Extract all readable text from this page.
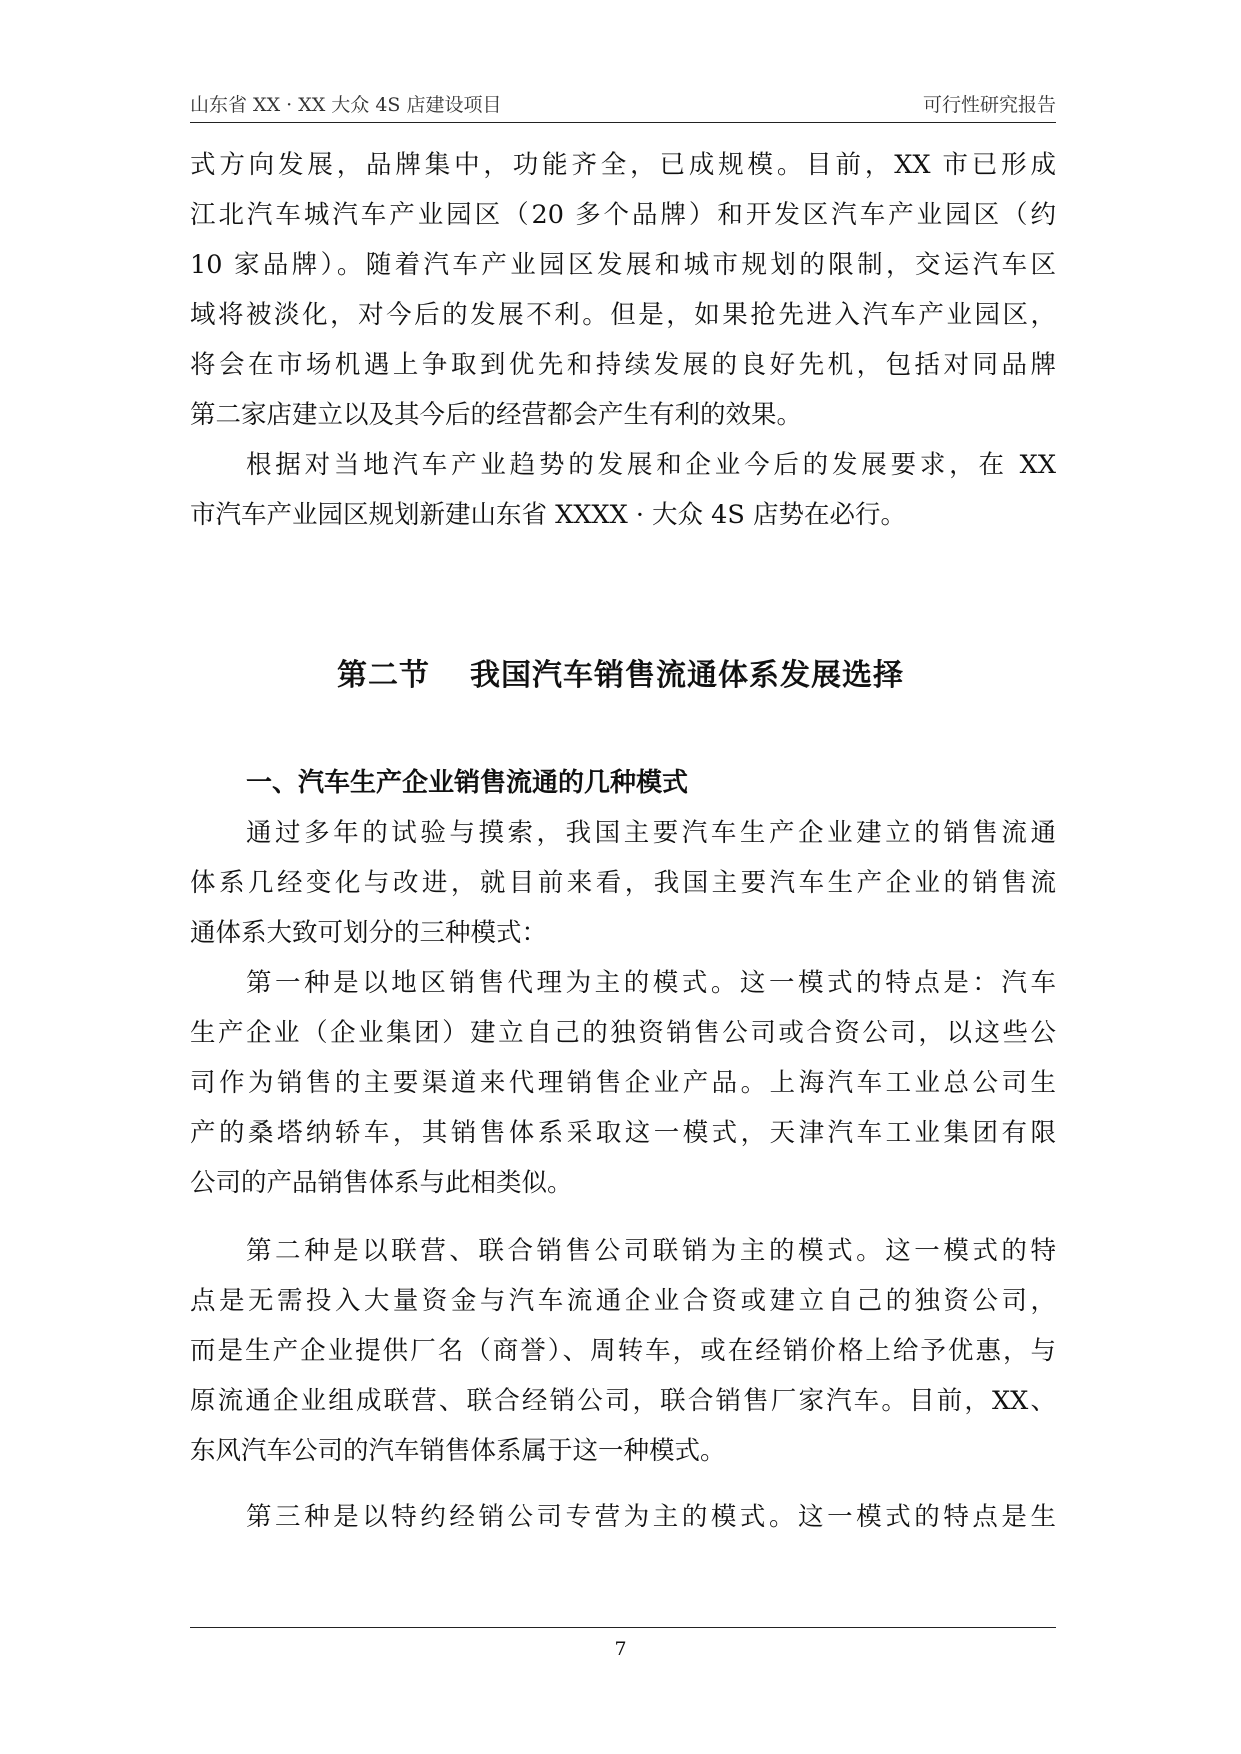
山东省 XX · XX 大众 4S 店建设项目	可行性研究报告
式方向发展，品牌集中，功能齐全，已成规模。目前，XX 市已形成
江北汽车城汽车产业园区（20 多个品牌）和开发区汽车产业园区（约
10 家品牌）。随着汽车产业园区发展和城市规划的限制，交运汽车区
域将被淡化，对今后的发展不利。但是，如果抢先进入汽车产业园区，
将会在市场机遇上争取到优先和持续发展的良好先机，包括对同品牌
第二家店建立以及其今后的经营都会产生有利的效果。
根据对当地汽车产业趋势的发展和企业今后的发展要求，在 XX
市汽车产业园区规划新建山东省 XXXX · 大众 4S 店势在必行。
第二节 我国汽车销售流通体系发展选择
一、汽车生产企业销售流通的几种模式
通过多年的试验与摸索，我国主要汽车生产企业建立的销售流通
体系几经变化与改进，就目前来看，我国主要汽车生产企业的销售流
通体系大致可划分的三种模式：
第一种是以地区销售代理为主的模式。这一模式的特点是：汽车
生产企业（企业集团）建立自己的独资销售公司或合资公司，以这些公
司作为销售的主要渠道来代理销售企业产品。上海汽车工业总公司生
产的桑塔纳轿车，其销售体系采取这一模式，天津汽车工业集团有限
公司的产品销售体系与此相类似。
第二种是以联营、联合销售公司联销为主的模式。这一模式的特
点是无需投入大量资金与汽车流通企业合资或建立自己的独资公司，
而是生产企业提供厂名（商誉）、周转车，或在经销价格上给予优惠，与
原流通企业组成联营、联合经销公司，联合销售厂家汽车。目前，XX、
东风汽车公司的汽车销售体系属于这一种模式。
第三种是以特约经销公司专营为主的模式。这一模式的特点是生
7
